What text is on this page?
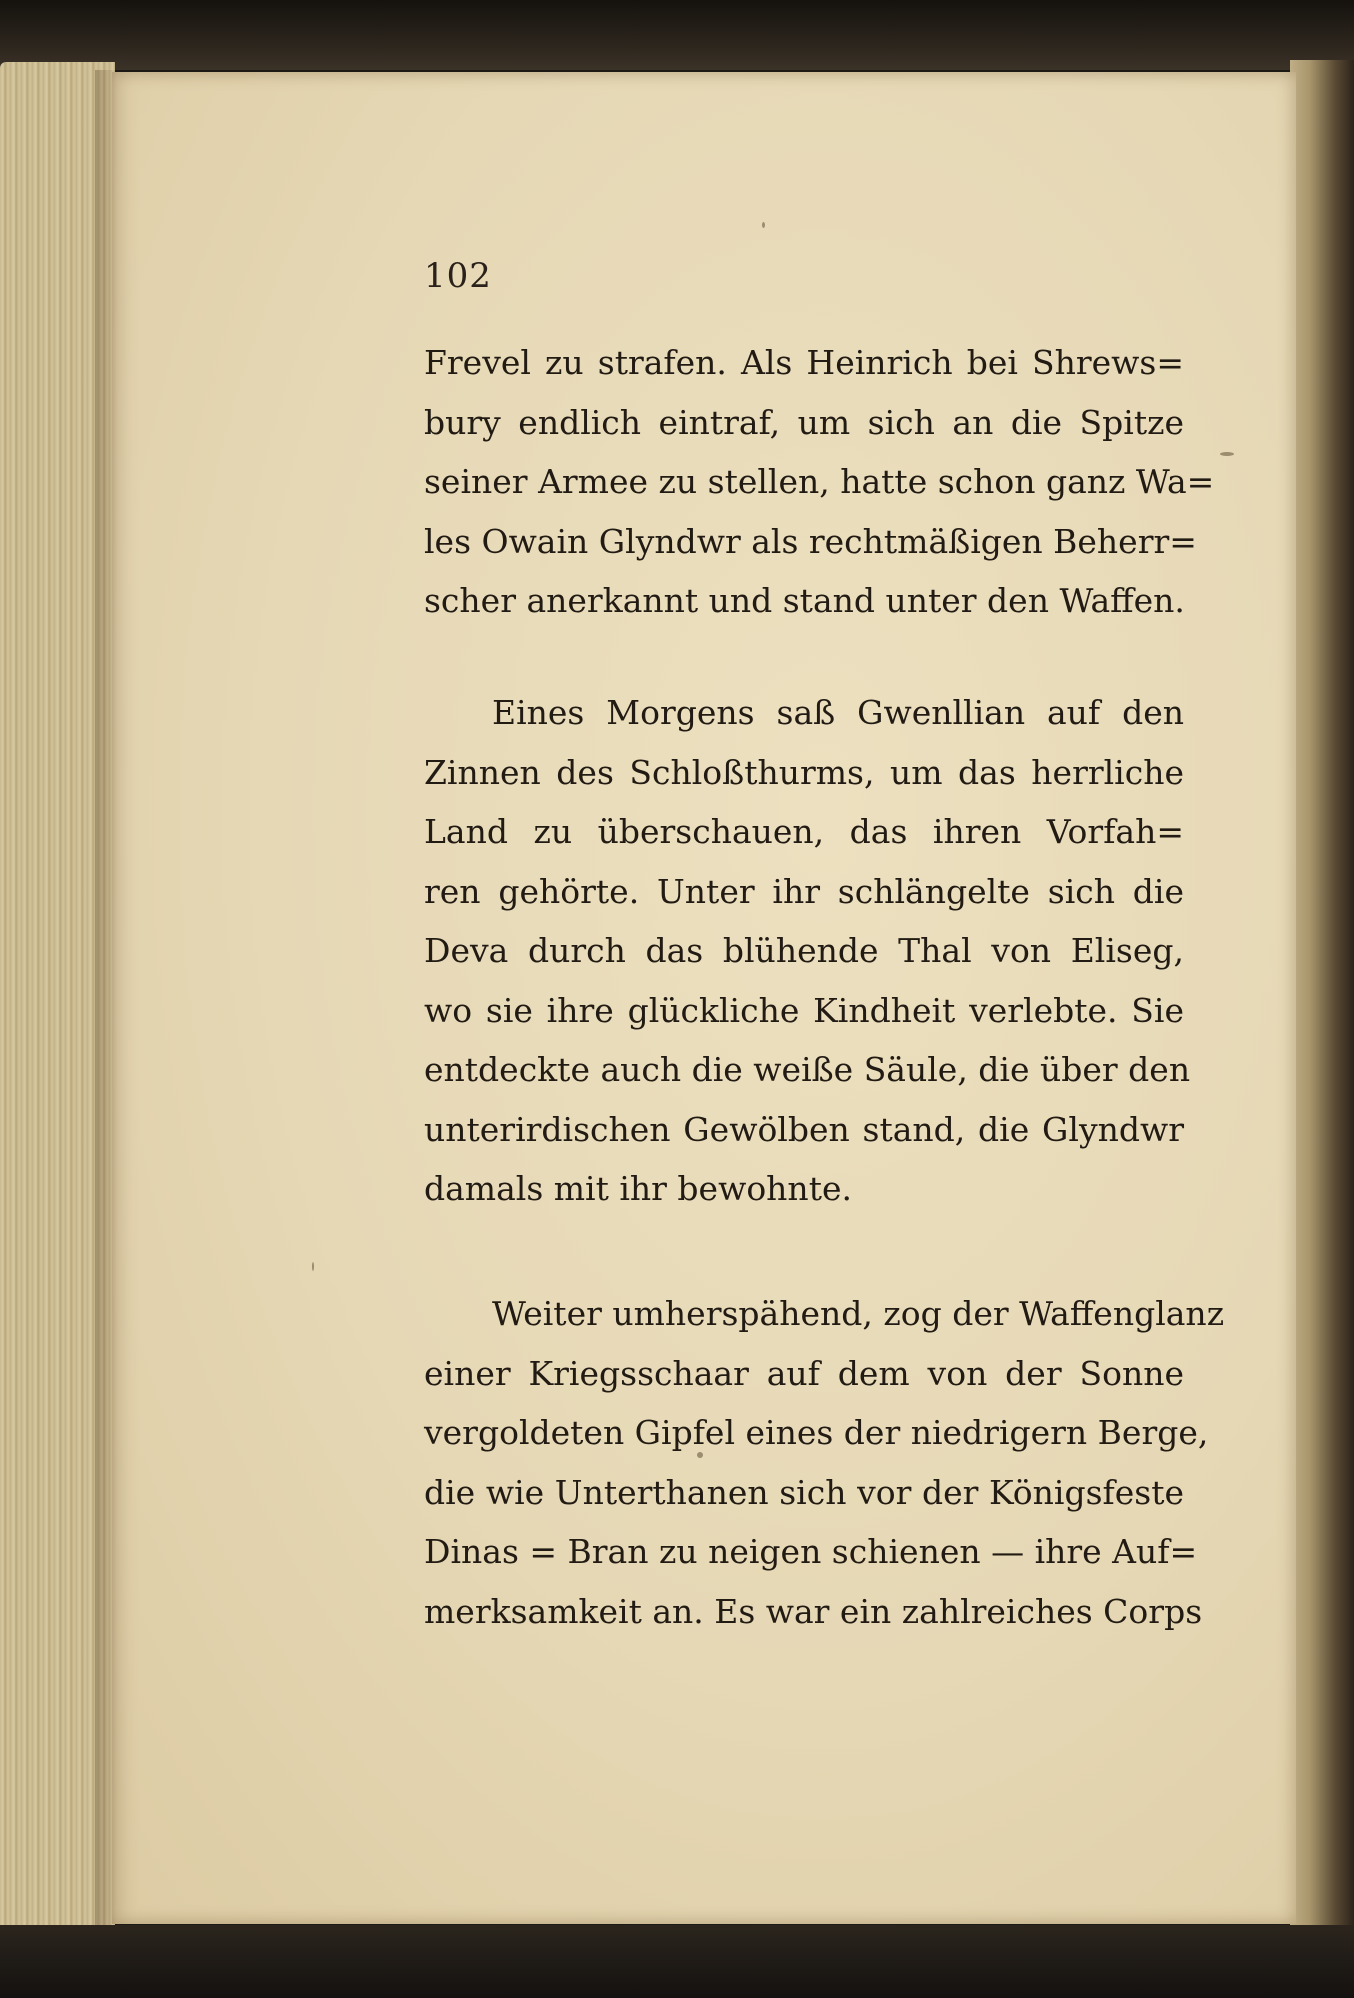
102
Frevel zu strafen. Als Heinrich bei Shrews=
bury endlich eintraf, um sich an die Spitze
seiner Armee zu stellen, hatte schon ganz Wa=
les Owain Glyndwr als rechtmäßigen Beherr=
scher anerkannt und stand unter den Waffen.
Eines Morgens saß Gwenllian auf den
Zinnen des Schloßthurms, um das herrliche
Land zu überschauen, das ihren Vorfah=
ren gehörte. Unter ihr schlängelte sich die
Deva durch das blühende Thal von Eliseg,
wo sie ihre glückliche Kindheit verlebte. Sie
entdeckte auch die weiße Säule, die über den
unterirdischen Gewölben stand, die Glyndwr
damals mit ihr bewohnte.
Weiter umherspähend, zog der Waffenglanz
einer Kriegsschaar auf dem von der Sonne
vergoldeten Gipfel eines der niedrigern Berge,
die wie Unterthanen sich vor der Königsfeste
Dinas = Bran zu neigen schienen — ihre Auf=
merksamkeit an. Es war ein zahlreiches Corps
